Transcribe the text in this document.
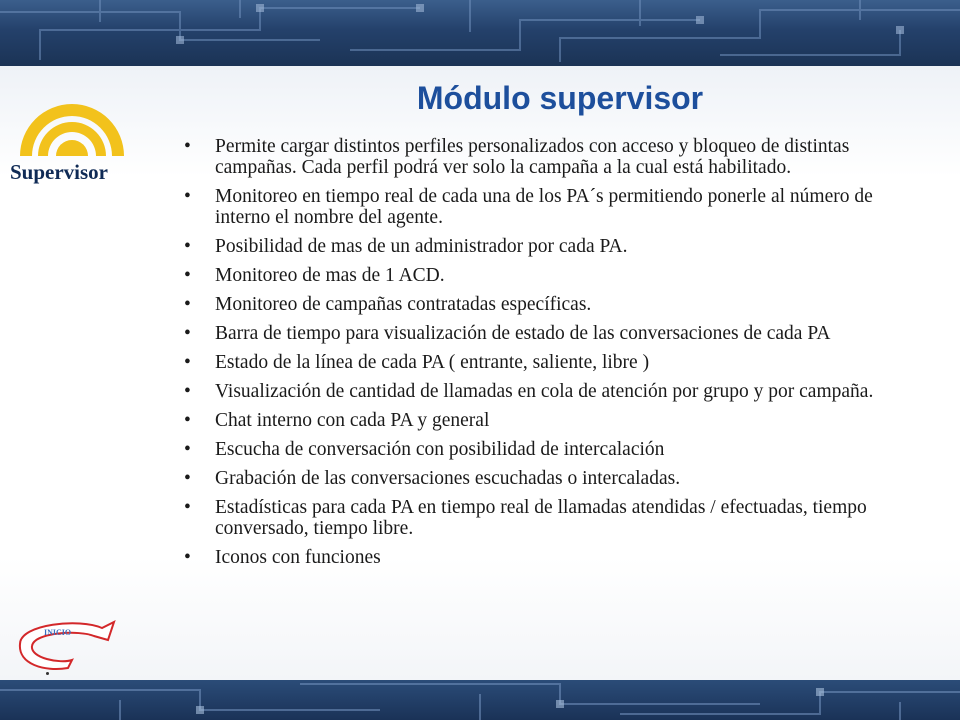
Supervisor
Módulo supervisor
• Permite cargar distintos perfiles personalizados con acceso y bloqueo de distintas campañas. Cada perfil podrá ver solo la campaña a la cual está habilitado.
• Monitoreo en tiempo real de cada una de los PA´s permitiendo ponerle al número de interno el nombre del agente.
• Posibilidad de mas de un administrador por cada PA.
• Monitoreo de mas de 1 ACD.
• Monitoreo de campañas contratadas específicas.
• Barra de tiempo para visualización de estado de las conversaciones de cada PA
• Estado de la línea de cada PA ( entrante, saliente, libre )
• Visualización de cantidad de llamadas en cola de atención por grupo y por campaña.
• Chat interno con cada PA y general
• Escucha de conversación con posibilidad de intercalación
• Grabación de las conversaciones escuchadas o intercaladas.
• Estadísticas para cada PA en tiempo real de llamadas atendidas / efectuadas, tiempo conversado, tiempo libre.
• Iconos con funciones
INICIO
